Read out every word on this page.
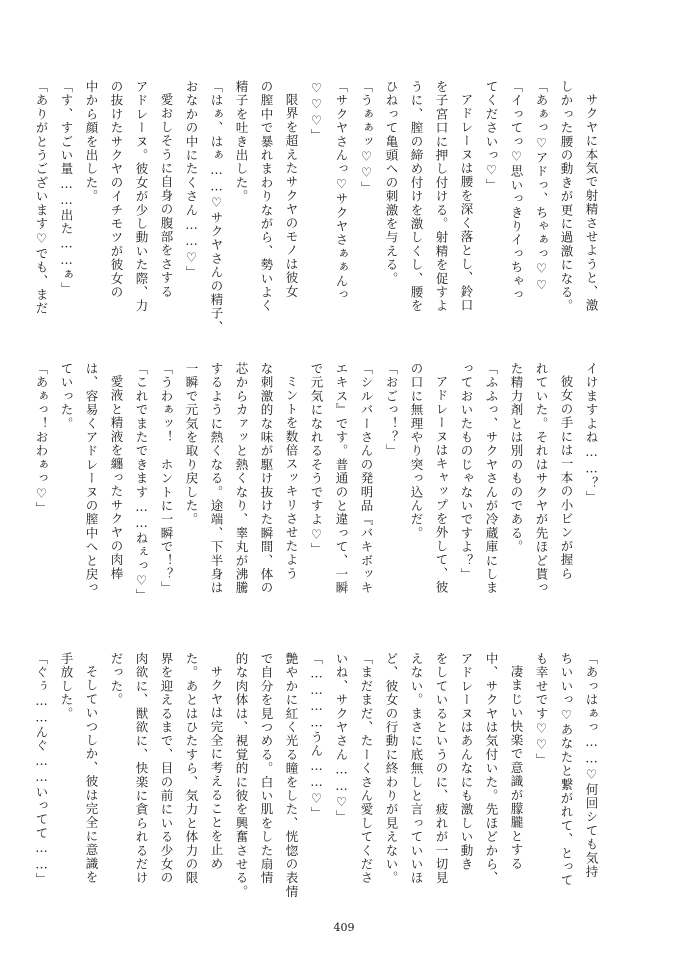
サクヤに本気で射精させようと、激

しかった腰の動きが更に過激になる。

「あぁっ♡アドっ、ちゃぁっ♡♡

「イってっ♡思いっきりイっちゃっ

てくださいっ♡」

アドレーヌは腰を深く落とし、鈴口

を子宮口に押し付ける。射精を促すよ

うに、膣の締め付けを激しくし、腰を

ひねって亀頭への刺激を与える。

「うぁぁッ♡♡」

「サクヤさんっ♡サクヤさぁぁんっ

♡♡♡」

限界を超えたサクヤのモノは彼女

の膣中で暴れまわりながら、勢いよく

精子を吐き出した。

「はぁ、はぁ……♡サクヤさんの精子、

おなかの中にたくさん……♡」

愛おしそうに自身の腹部をさする

アドレーヌ。彼女が少し動いた際、力

の抜けたサクヤのイチモツが彼女の

中から顔を出した。

「す、すごい量……出た……ぁ」

「ありがとうございます♡でも、まだ

イけますよね……？」

彼女の手には一本の小ビンが握ら

れていた。それはサクヤが先ほど貰っ

た精力剤とは別のものである。

「ふふっ、サクヤさんが冷蔵庫にしま

っておいたものじゃないですよ？」

アドレーヌはキャップを外して、彼

の口に無理やり突っ込んだ。

「おごっ！？」

「シルバーさんの発明品『バキボッキ

エキス』です。普通のと違って、一瞬

で元気になれるそうですよ♡」

ミントを数倍スッキリさせたよう

な刺激的な味が駆け抜けた瞬間、体の

芯からカァッと熱くなり、睾丸が沸騰

するように熱くなる。途端、下半身は

一瞬で元気を取り戻した。

「うわぁッ！　ホントに一瞬で！？」

「これでまたできます……ねぇっ♡」

愛液と精液を纏ったサクヤの肉棒

は、容易くアドレーヌの膣中へと戻っ

ていった。

「あぁっ！おわぁっ♡」

「あっはぁっ……♡何回シても気持

ちいいっ♡あなたと繋がれて、とって

も幸せです♡♡」

凄まじい快楽で意識が朦朧とする

中、サクヤは気付いた。先ほどから、

アドレーヌはあんなにも激しい動き

をしているというのに、疲れが一切見

えない。まさに底無しと言っていいほ

ど、彼女の行動に終わりが見えない。

「まだまだ、たーくさん愛してくださ

いね、サクヤさん……♡」

「…………うん……♡」

艶やかに紅く光る瞳をした、恍惚の表情

で自分を見つめる。白い肌をした扇情

的な肉体は、視覚的に彼を興奮させる。

サクヤは完全に考えることを止め

た。あとはひたすら、気力と体力の限

界を迎えるまで、目の前にいる少女の

肉欲に、獣欲に、快楽に貪られるだけ

だった。

そしていつしか、彼は完全に意識を

手放した。

「ぐぅ……んぐ……いってて……」

409
